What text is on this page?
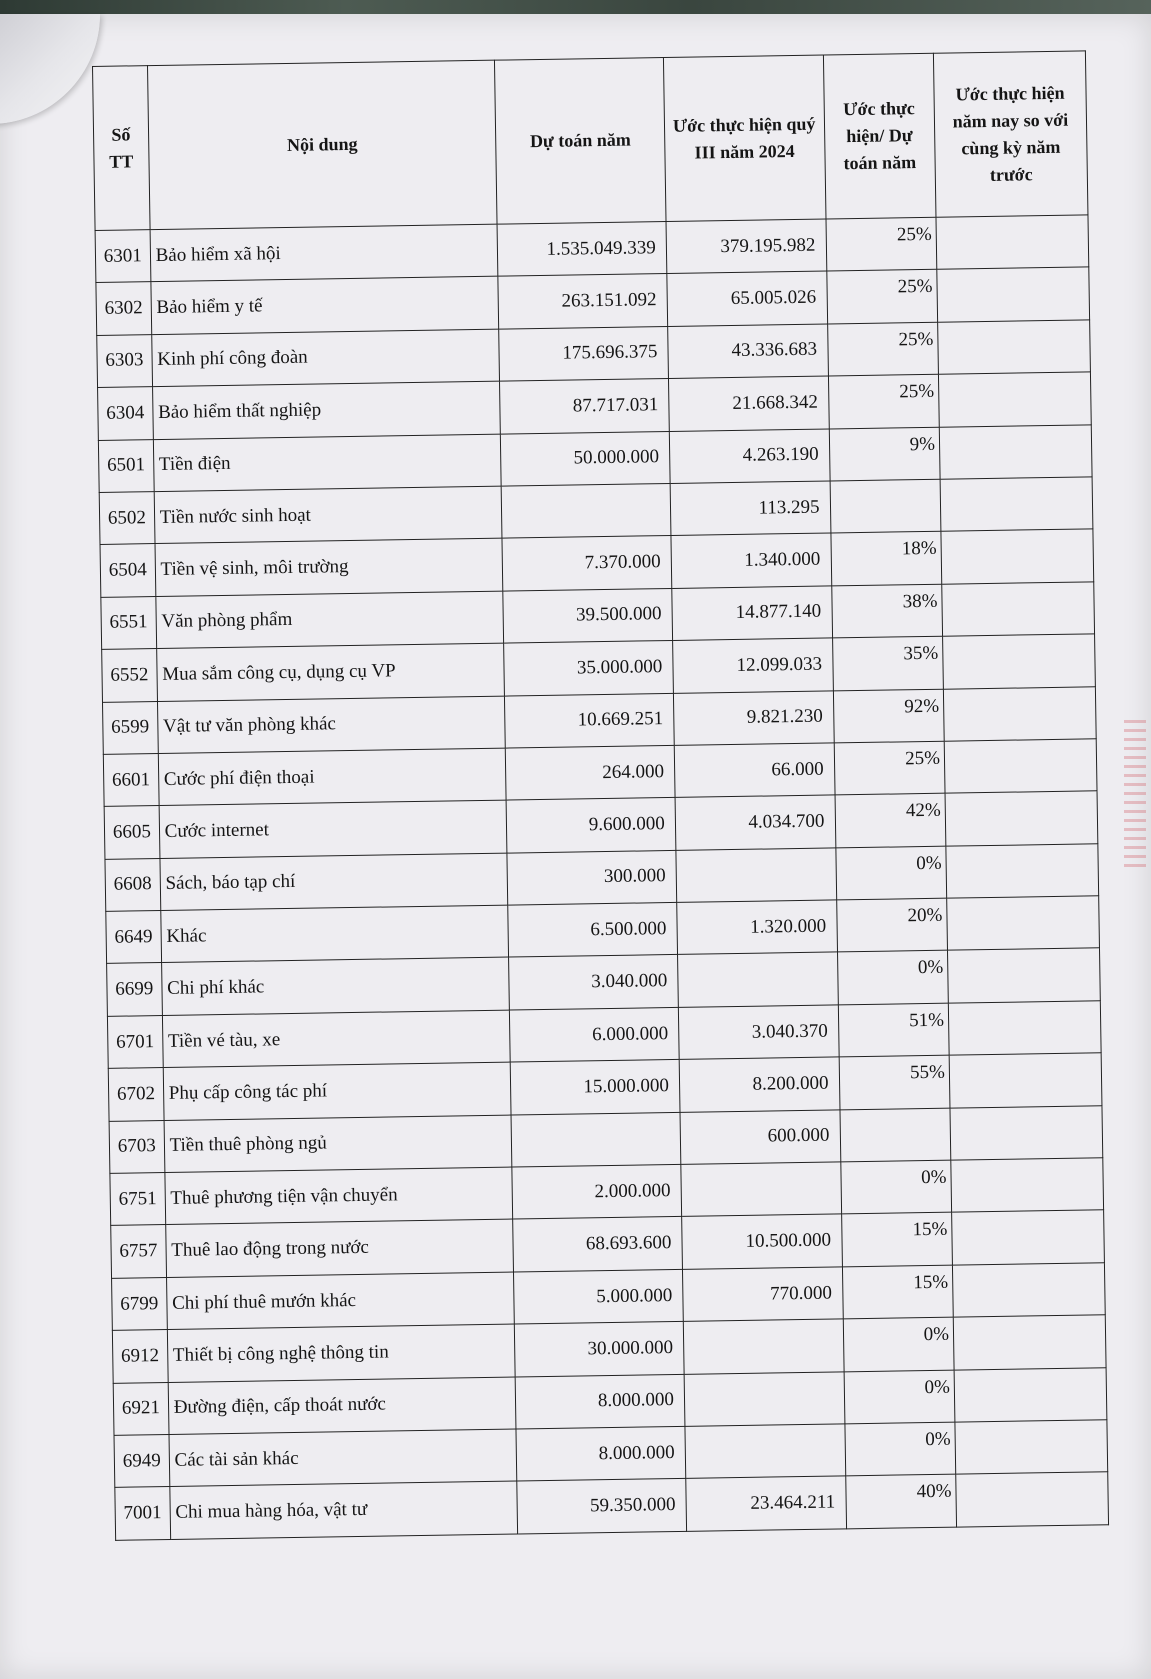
Số TT	Nội dung	Dự toán năm	Ước thực hiện quý III năm 2024	Ước thực hiện/ Dự toán năm	Ước thực hiện năm nay so với cùng kỳ năm trước
6301	Bảo hiểm xã hội	1.535.049.339	379.195.982	25%	
6302	Bảo hiểm y tế	263.151.092	65.005.026	25%	
6303	Kinh phí công đoàn	175.696.375	43.336.683	25%	
6304	Bảo hiểm thất nghiệp	87.717.031	21.668.342	25%	
6501	Tiền điện	50.000.000	4.263.190	9%	
6502	Tiền nước sinh hoạt		113.295		
6504	Tiền vệ sinh, môi trường	7.370.000	1.340.000	18%	
6551	Văn phòng phẩm	39.500.000	14.877.140	38%	
6552	Mua sắm công cụ, dụng cụ VP	35.000.000	12.099.033	35%	
6599	Vật tư văn phòng khác	10.669.251	9.821.230	92%	
6601	Cước phí điện thoại	264.000	66.000	25%	
6605	Cước internet	9.600.000	4.034.700	42%	
6608	Sách, báo tạp chí	300.000		0%	
6649	Khác	6.500.000	1.320.000	20%	
6699	Chi phí khác	3.040.000		0%	
6701	Tiền vé tàu, xe	6.000.000	3.040.370	51%	
6702	Phụ cấp công tác phí	15.000.000	8.200.000	55%	
6703	Tiền thuê phòng ngủ		600.000		
6751	Thuê phương tiện vận chuyển	2.000.000		0%	
6757	Thuê lao động trong nước	68.693.600	10.500.000	15%	
6799	Chi phí thuê mướn khác	5.000.000	770.000	15%	
6912	Thiết bị công nghệ thông tin	30.000.000		0%	
6921	Đường điện, cấp thoát nước	8.000.000		0%	
6949	Các tài sản khác	8.000.000		0%	
7001	Chi mua hàng hóa, vật tư	59.350.000	23.464.211	40%	
